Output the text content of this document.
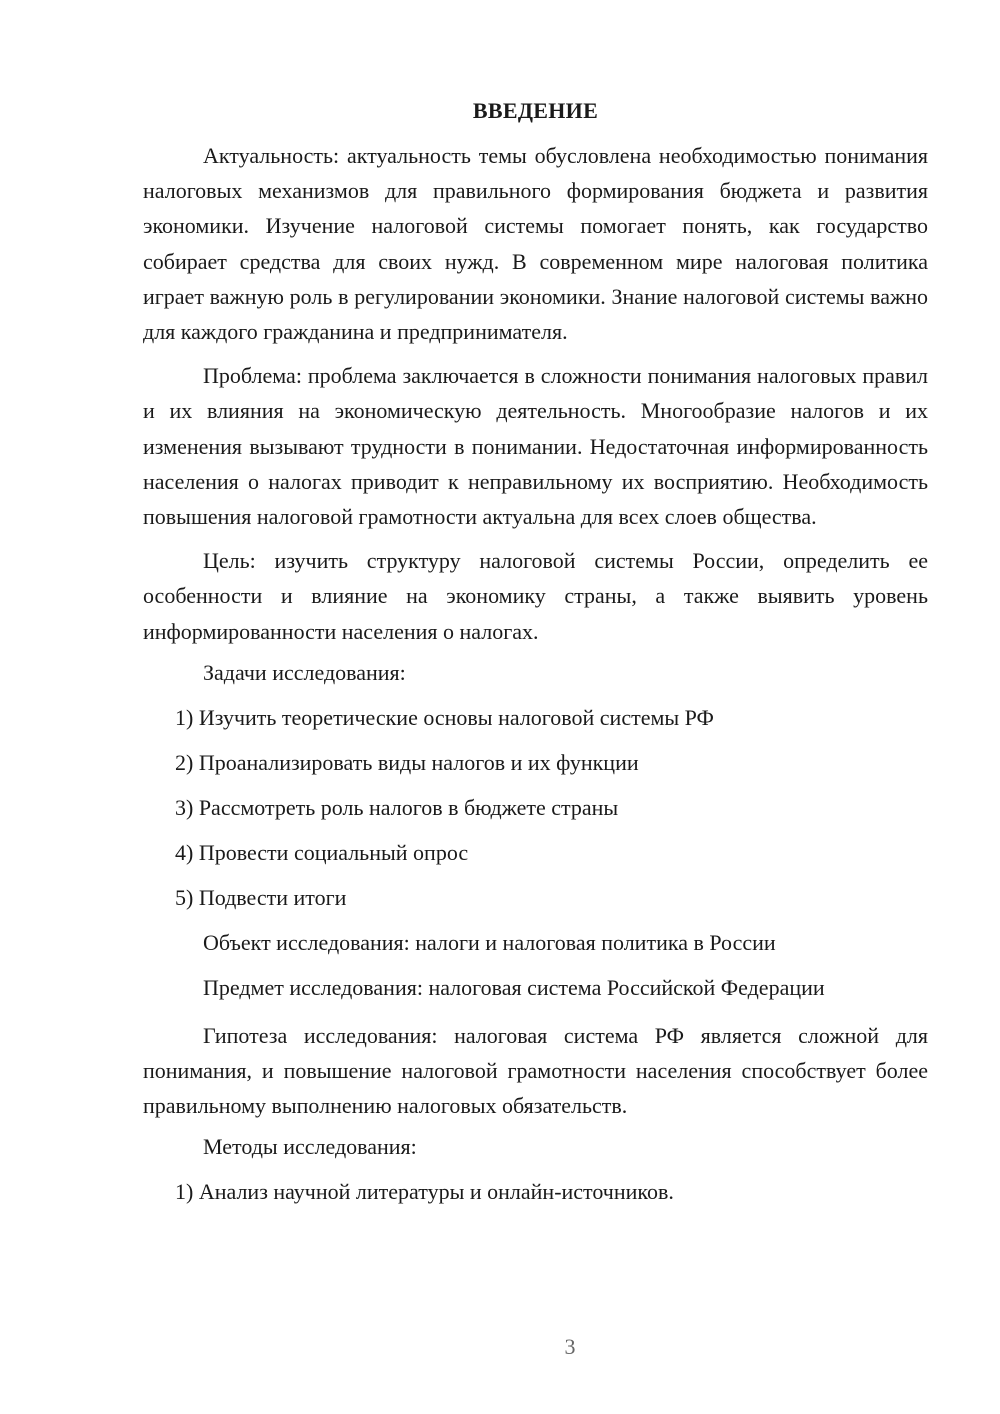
ВВЕДЕНИЕ

Актуальность: актуальность темы обусловлена необходимостью понимания налоговых механизмов для правильного формирования бюджета и развития экономики. Изучение налоговой системы помогает понять, как государство собирает средства для своих нужд. В современном мире налоговая политика играет важную роль в регулировании экономики. Знание налоговой системы важно для каждого гражданина и предпринимателя.

Проблема: проблема заключается в сложности понимания налоговых правил и их влияния на экономическую деятельность. Многообразие налогов и их изменения вызывают трудности в понимании. Недостаточная информированность населения о налогах приводит к неправильному их восприятию. Необходимость повышения налоговой грамотности актуальна для всех слоев общества.

Цель: изучить структуру налоговой системы России, определить ее особенности и влияние на экономику страны, а также выявить уровень информированности населения о налогах.

Задачи исследования:
1) Изучить теоретические основы налоговой системы РФ
2) Проанализировать виды налогов и их функции
3) Рассмотреть роль налогов в бюджете страны
4) Провести социальный опрос
5) Подвести итоги
Объект исследования: налоги и налоговая политика в России
Предмет исследования: налоговая система Российской Федерации

Гипотеза исследования: налоговая система РФ является сложной для понимания, и повышение налоговой грамотности населения способствует более правильному выполнению налоговых обязательств.

Методы исследования:
1) Анализ научной литературы и онлайн-источников.
3
